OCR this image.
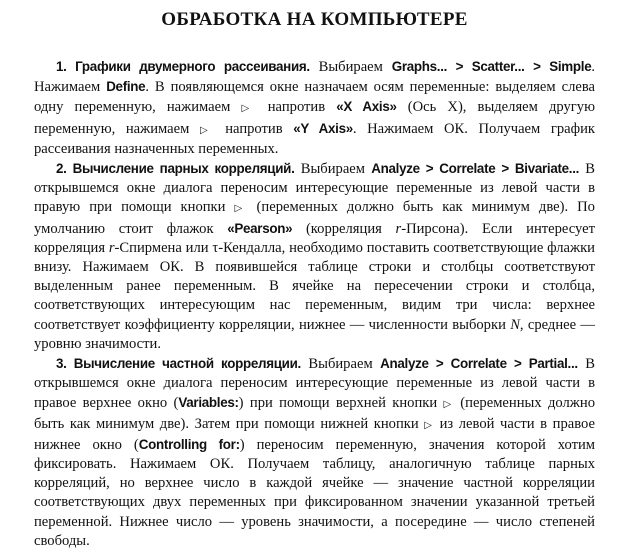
ОБРАБОТКА НА КОМПЬЮТЕРЕ

1. Графики двумерного рассеивания. Выбираем Graphs... > Scatter... > Simple. Нажимаем Define. В появляющемся окне назначаем осям переменные: выделяем слева одну переменную, нажимаем ▷ напротив «X Axis» (Ось X), выделяем другую переменную, нажимаем ▷ напротив «Y Axis». Нажимаем ОК. Получаем график рассеивания назначенных переменных.

2. Вычисление парных корреляций. Выбираем Analyze > Correlate > Bivariate... В открывшемся окне диалога переносим интересующие переменные из левой части в правую при помощи кнопки ▷ (переменных должно быть как минимум две). По умолчанию стоит флажок «Pearson» (корреляция r-Пирсона). Если интересует корреляция r-Спирмена или τ-Кендалла, необходимо поставить соответствующие флажки внизу. Нажимаем ОК. В появившейся таблице строки и столбцы соответствуют выделенным ранее переменным. В ячейке на пересечении строки и столбца, соответствующих интересующим нас переменным, видим три числа: верхнее соответствует коэффициенту корреляции, нижнее — численности выборки N, среднее — уровню значимости.

3. Вычисление частной корреляции. Выбираем Analyze > Correlate > Partial... В открывшемся окне диалога переносим интересующие переменные из левой части в правое верхнее окно (Variables:) при помощи верхней кнопки ▷ (переменных должно быть как минимум две). Затем при помощи нижней кнопки ▷ из левой части в правое нижнее окно (Controlling for:) переносим переменную, значения которой хотим фиксировать. Нажимаем ОК. Получаем таблицу, аналогичную таблице парных корреляций, но верхнее число в каждой ячейке — значение частной корреляции соответствующих двух переменных при фиксированном значении указанной третьей переменной. Нижнее число — уровень значимости, а посередине — число степеней свободы.
